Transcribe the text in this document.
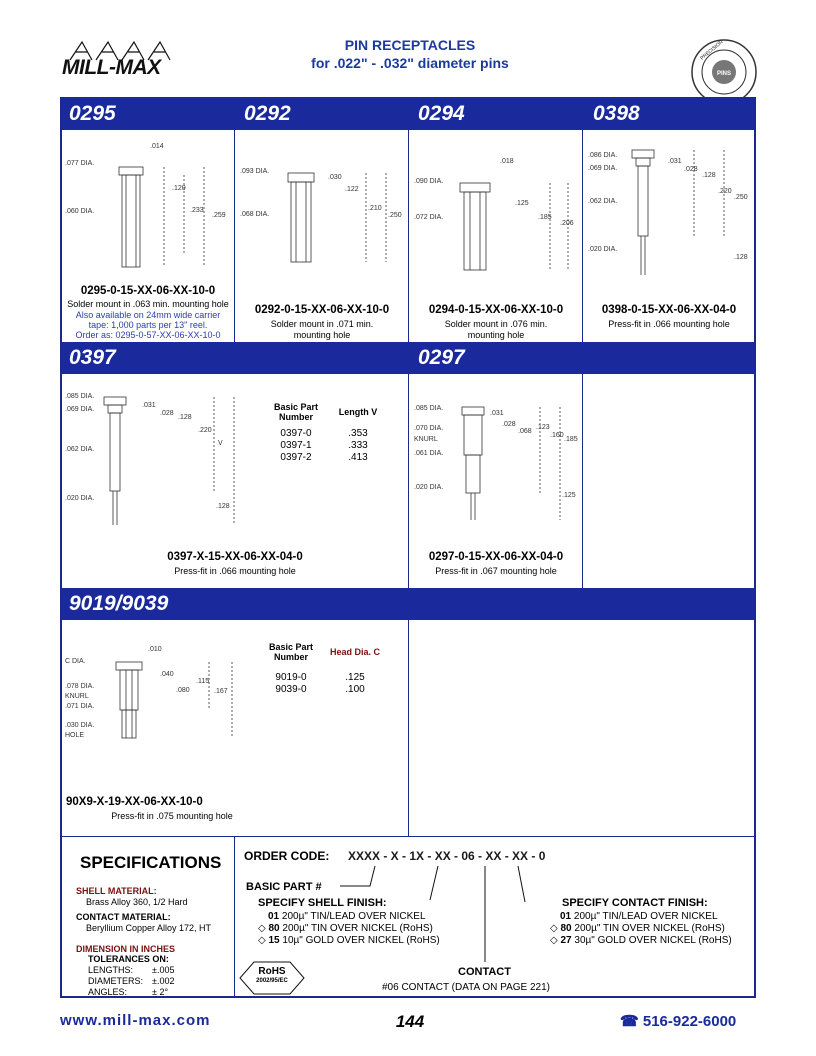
MILL-MAX
PIN RECEPTACLES
for .022" - .032" diameter pins
PINS
PRECISION
0295	0292	0294	0398
.014
.077 DIA.
.120
.233
.259
.060 DIA.
0295-0-15-XX-06-XX-10-0
Solder mount in .063 min. mounting hole
Also available on 24mm wide carrier
tape: 1,000 parts per 13" reel.
Order as: 0295-0-57-XX-06-XX-10-0
.093 DIA.
.030
.122
.210
.250
.068 DIA.
0292-0-15-XX-06-XX-10-0
Solder mount in .071 min.
mounting hole
.018
.090 DIA.
.125
.185
.206
.072 DIA.
0294-0-15-XX-06-XX-10-0
Solder mount in .076 min.
mounting hole
.086 DIA.
.069 DIA.
.031
.028
.128
.220
.250
.062 DIA.
.020 DIA.
.128
0398-0-15-XX-06-XX-04-0
Press-fit in .066 mounting hole
0397	0297
.085 DIA.
.069 DIA.
.031
.028
.128
.220
V
.062 DIA.
.020 DIA.
.128
Basic Part Number	Length V

0397-0	.353
0397-1	.333
0397-2	.413
0397-X-15-XX-06-XX-04-0
Press-fit in .066 mounting hole
.085 DIA.
.031
.028	.123
.068
.160
.185
.070 DIA.
KNURL
.061 DIA.
.020 DIA.
.125
0297-0-15-XX-06-XX-04-0
Press-fit in .067 mounting hole
9019/9039
.010
C DIA.
.040
.115
.167
.080
.078 DIA.
KNURL
.071 DIA.
.030 DIA.
HOLE
Basic Part Number	Head Dia. C

9019-0	.125
9039-0	.100
90X9-X-19-XX-06-XX-10-0
Press-fit in .075 mounting hole
SPECIFICATIONS
SHELL MATERIAL:
Brass Alloy 360, 1/2 Hard
CONTACT MATERIAL:
Beryllium Copper Alloy 172, HT
DIMENSION IN INCHES
TOLERANCES ON:
LENGTHS:	±.005
DIAMETERS: ±.002
ANGLES:	± 2°
RoHS
2002/95/EC
ORDER CODE: XXXX - X - 1X - XX - 06 - XX - XX - 0
BASIC PART #
SPECIFY SHELL FINISH:
01 200µ" TIN/LEAD OVER NICKEL
◇ 80 200µ" TIN OVER NICKEL (RoHS)
◇ 15 10µ" GOLD OVER NICKEL (RoHS)
SPECIFY CONTACT FINISH:
01 200µ" TIN/LEAD OVER NICKEL
◇ 80 200µ" TIN OVER NICKEL (RoHS)
◇ 27 30µ" GOLD OVER NICKEL (RoHS)
CONTACT
#06 CONTACT (DATA ON PAGE 221)
www.mill-max.com	144	☎ 516-922-6000
